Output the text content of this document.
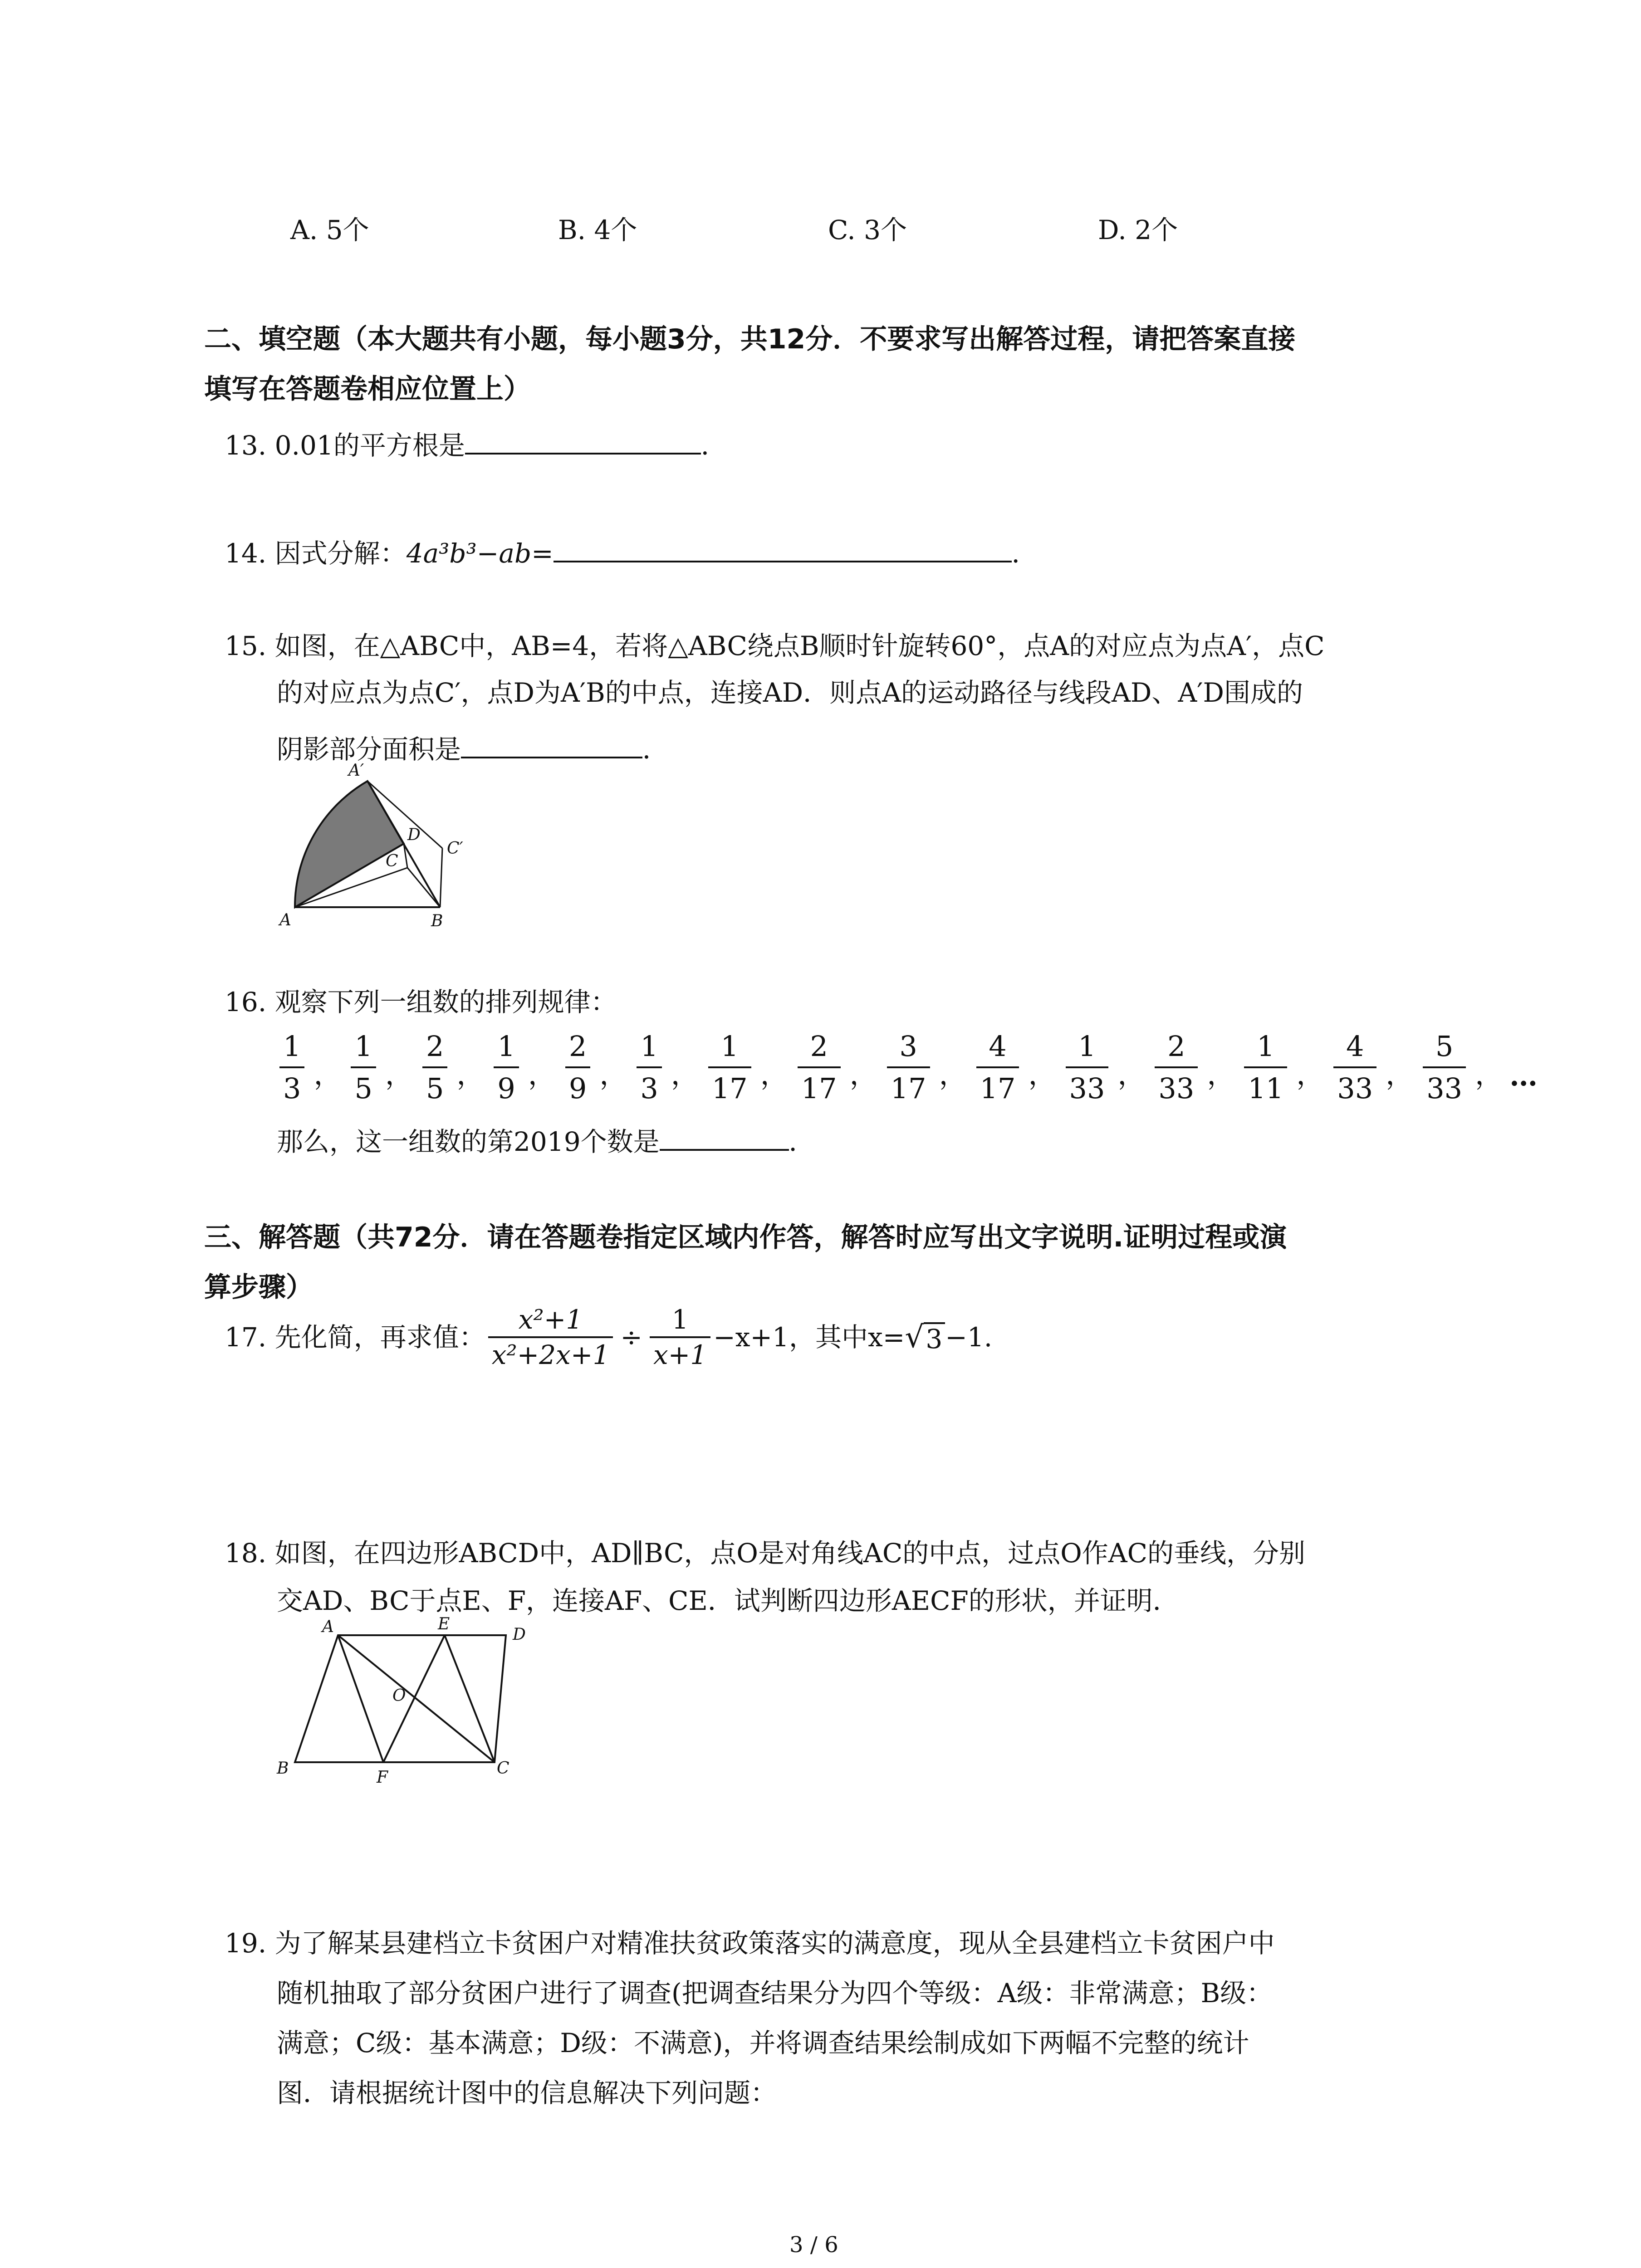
A. 5个	B. 4个	C. 3个	D. 2个
二、填空题（本大题共有小题，每小题3分，共12分．不要求写出解答过程，请把答案直接
填写在答题卷相应位置上）
13. 0.01的平方根是	．
14. 因式分解：4a³b³−ab=	．
15. 如图，在△ABC中，AB=4，若将△ABC绕点B顺时针旋转60°，点A的对应点为点A′，点C
的对应点为点C′，点D为A′B的中点，连接AD．则点A的运动路径与线段AD、A′D围成的
阴影部分面积是	．
A′
D
C′
C
A	B
16. 观察下列一组数的排列规律：
$\frac{1}{3}$ ， $\frac{1}{5}$ ， $\frac{2}{5}$ ， $\frac{1}{9}$ ， $\frac{2}{9}$ ， $\frac{1}{3}$ ， $\frac{1}{17}$ ， $\frac{2}{17}$ ， $\frac{3}{17}$ ， $\frac{4}{17}$ ， $\frac{1}{33}$ ， $\frac{2}{33}$ ， $\frac{1}{11}$ ， $\frac{4}{33}$ ， $\frac{5}{33}$ ， …
那么，这一组数的第2019个数是	．
三、解答题（共72分．请在答题卷指定区域内作答，解答时应写出文字说明.证明过程或演
算步骤）
17. 先化简，再求值： $\frac{\text{x²+1}}{\text{x²+2x+1}} \div \frac{1}{x+1} -x+1$，其中x= √ 3 −1.
18. 如图，在四边形ABCD中，AD∥BC，点O是对角线AC的中点，过点O作AC的垂线，分别
交AD、BC于点E、F，连接AF、CE．试判断四边形AECF的形状，并证明．
A	E
D
O
B	F	C
19. 为了解某县建档立卡贫困户对精准扶贫政策落实的满意度，现从全县建档立卡贫困户中
随机抽取了部分贫困户进行了调查(把调查结果分为四个等级：A级：非常满意；B级：
满意；C级：基本满意；D级：不满意)，并将调查结果绘制成如下两幅不完整的统计
图．请根据统计图中的信息解决下列问题：
3 / 6
